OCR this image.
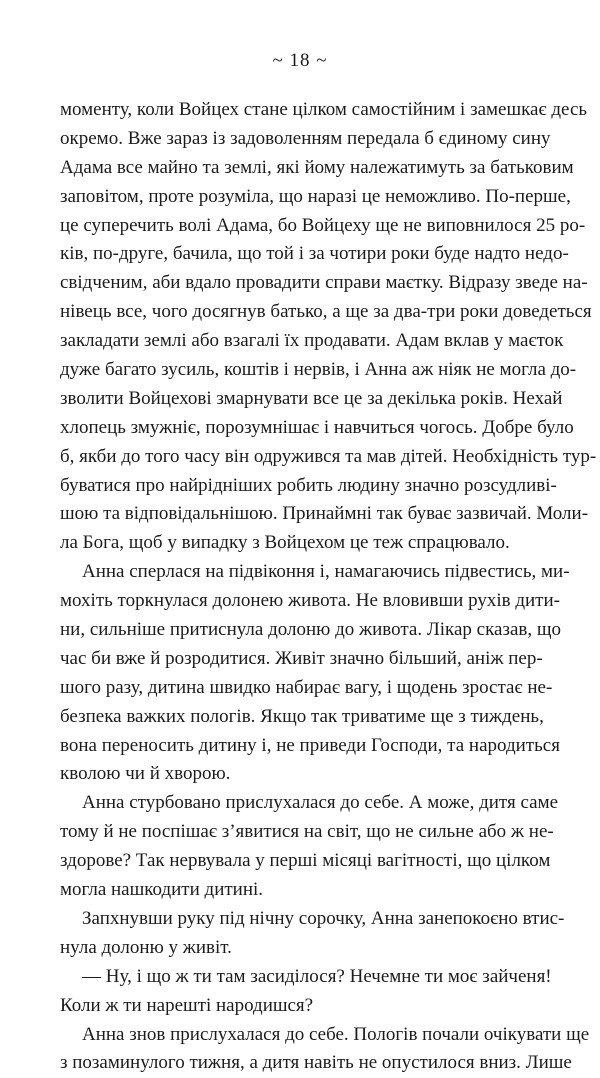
~ 18 ~
моменту, коли Войцех стане цілком самостійним і замешкає десь
окремо. Вже зараз із задоволенням передала б єдиному сину
Адама все майно та землі, які йому належатимуть за батьковим
заповітом, проте розуміла, що наразі це неможливо. По-перше,
це суперечить волі Адама, бо Войцеху ще не виповнилося 25 ро-
ків, по-друге, бачила, що той і за чотири роки буде надто недо-
свідченим, аби вдало провадити справи маєтку. Відразу зведе на-
нівець все, чого досягнув батько, а ще за два-три роки доведеться
закладати землі або взагалі їх продавати. Адам вклав у маєток
дуже багато зусиль, коштів і нервів, і Анна аж ніяк не могла до-
зволити Войцехові змарнувати все це за декілька років. Нехай
хлопець змужніє, порозумнішає і навчиться чогось. Добре було
б, якби до того часу він одружився та мав дітей. Необхідність тур-
буватися про найрідніших робить людину значно розсудливі-
шою та відповідальнішою. Принаймні так буває зазвичай. Моли-
ла Бога, щоб у випадку з Войцехом це теж спрацювало.
Анна сперлася на підвіконня і, намагаючись підвестись, ми-
мохіть торкнулася долонею живота. Не вловивши рухів дити-
ни, сильніше притиснула долоню до живота. Лікар сказав, що
час би вже й розродитися. Живіт значно більший, аніж пер-
шого разу, дитина швидко набирає вагу, і щодень зростає не-
безпека важких пологів. Якщо так триватиме ще з тиждень,
вона переносить дитину і, не приведи Господи, та народиться
кволою чи й хворою.
Анна стурбовано прислухалася до себе. А може, дитя саме
тому й не поспішає з’явитися на світ, що не сильне або ж не-
здорове? Так нервувала у перші місяці вагітності, що цілком
могла нашкодити дитині.
Запхнувши руку під нічну сорочку, Анна занепокоєно втис-
нула долоню у живіт.
— Ну, і що ж ти там засиділося? Нечемне ти моє зайченя!
Коли ж ти нарешті народишся?
Анна знов прислухалася до себе. Пологів почали очікувати ще
з позаминулого тижня, а дитя навіть не опустилося вниз. Лише
